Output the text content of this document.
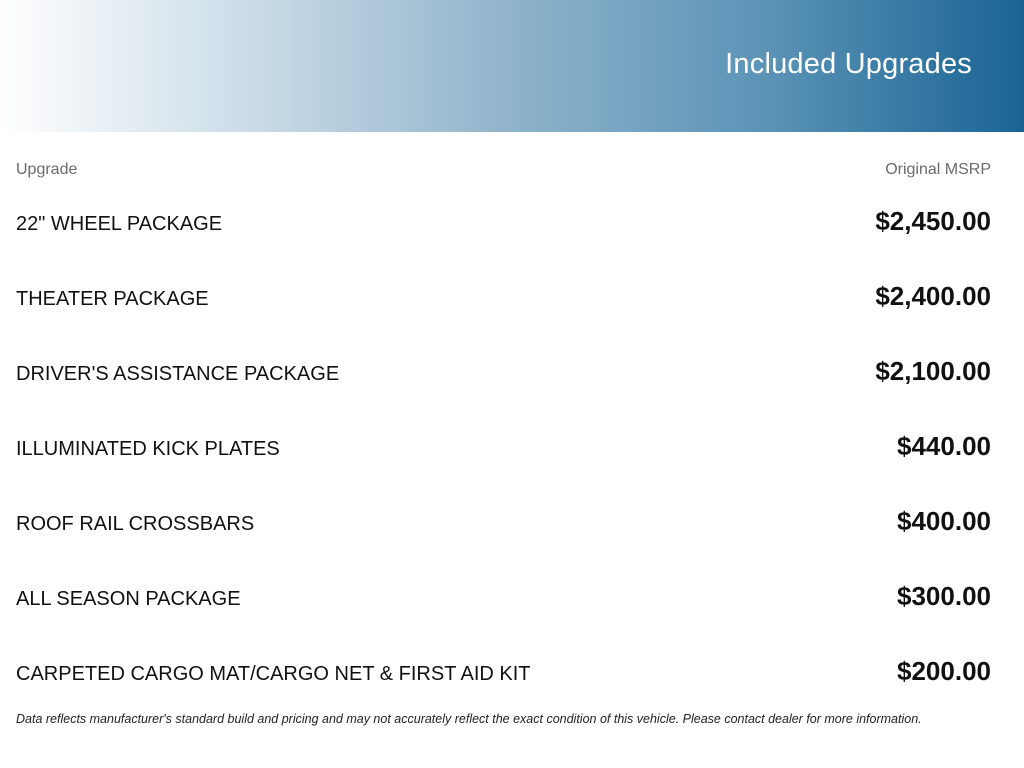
Included Upgrades
Upgrade	Original MSRP
22" WHEEL PACKAGE	$2,450.00
THEATER PACKAGE	$2,400.00
DRIVER'S ASSISTANCE PACKAGE	$2,100.00
ILLUMINATED KICK PLATES	$440.00
ROOF RAIL CROSSBARS	$400.00
ALL SEASON PACKAGE	$300.00
CARPETED CARGO MAT/CARGO NET & FIRST AID KIT	$200.00
Data reflects manufacturer's standard build and pricing and may not accurately reflect the exact condition of this vehicle. Please contact dealer for more information.
